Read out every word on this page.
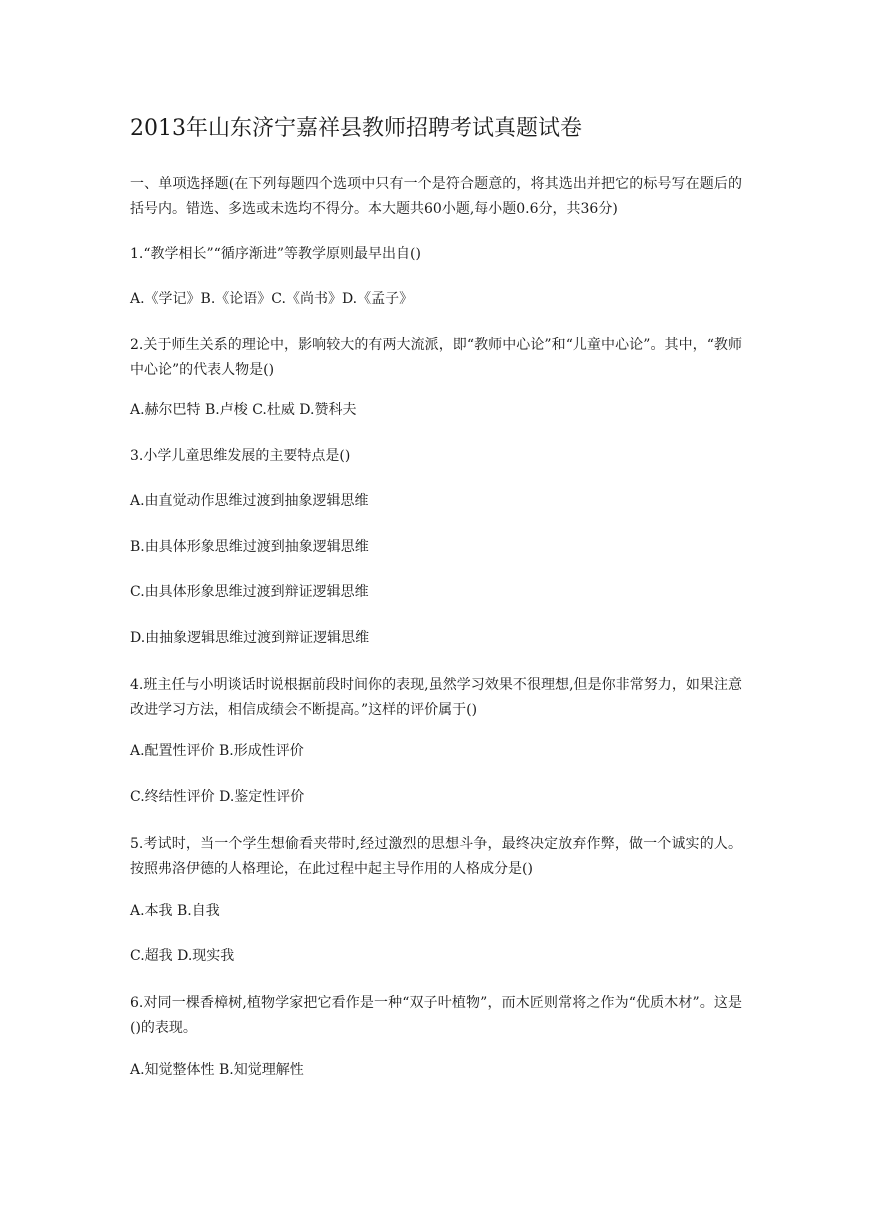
2013年山东济宁嘉祥县教师招聘考试真题试卷

一、单项选择题(在下列每题四个选项中只有一个是符合题意的，将其选出并把它的标号写在题后的括号内。错选、多选或未选均不得分。本大题共60小题,每小题0.6分，共36分)

1.“教学相长”“循序渐进”等教学原则最早出自()

A.《学记》B.《论语》C.《尚书》D.《孟子》

2.关于师生关系的理论中，影响较大的有两大流派，即“教师中心论”和“儿童中心论”。其中，“教师中心论”的代表人物是()

A.赫尔巴特 B.卢梭 C.杜威 D.赞科夫

3.小学儿童思维发展的主要特点是()

A.由直觉动作思维过渡到抽象逻辑思维

B.由具体形象思维过渡到抽象逻辑思维

C.由具体形象思维过渡到辩证逻辑思维

D.由抽象逻辑思维过渡到辩证逻辑思维

4.班主任与小明谈话时说根据前段时间你的表现,虽然学习效果不很理想,但是你非常努力，如果注意改进学习方法，相信成绩会不断提高。”这样的评价属于()

A.配置性评价 B.形成性评价

C.终结性评价 D.鉴定性评价

5.考试时，当一个学生想偷看夹带时,经过激烈的思想斗争，最终决定放弃作弊，做一个诚实的人。按照弗洛伊德的人格理论，在此过程中起主导作用的人格成分是()

A.本我 B.自我

C.超我 D.现实我

6.对同一棵香樟树,植物学家把它看作是一种“双子叶植物”，而木匠则常将之作为“优质木材”。这是()的表现。

A.知觉整体性 B.知觉理解性
